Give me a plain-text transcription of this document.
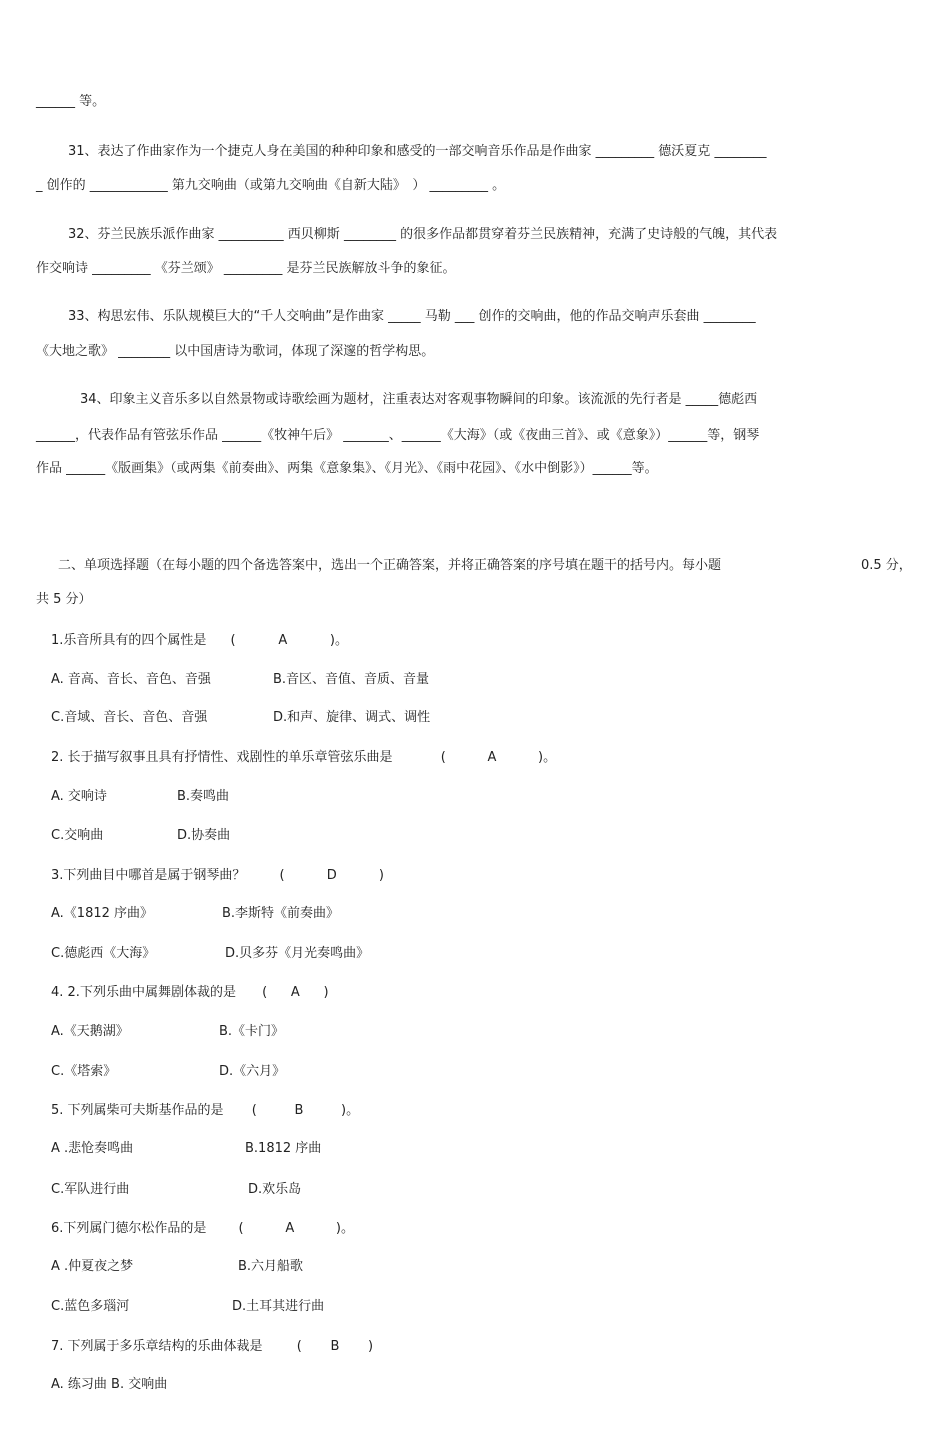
______ 等。
31、表达了作曲家作为一个捷克人身在美国的种种印象和感受的一部交响音乐作品是作曲家 _________ 德沃夏克 ________
_ 创作的 ____________ 第九交响曲（或第九交响曲《自新大陆》　） _________ 。
32、芬兰民族乐派作曲家 __________ 西贝柳斯 ________ 的很多作品都贯穿着芬兰民族精神，充满了史诗般的气魄，其代表
作交响诗 _________ 《芬兰颂》 _________ 是芬兰民族解放斗争的象征。
33、构思宏伟、乐队规模巨大的“千人交响曲”是作曲家 _____ 马勒 ___ 创作的交响曲，他的作品交响声乐套曲 ________
《大地之歌》 ________ 以中国唐诗为歌词，体现了深邃的哲学构思。
34、印象主义音乐多以自然景物或诗歌绘画为题材，注重表达对客观事物瞬间的印象。该流派的先行者是 _____德彪西
______，代表作品有管弦乐作品 ______《牧神午后》 _______、______《大海》（或《夜曲三首》、或《意象》）______等，钢琴
作品 ______《版画集》（或两集《前奏曲》、两集《意象集》、《月光》、《雨中花园》、《水中倒影》）______等。
二、单项选择题（在每小题的四个备选答案中，选出一个正确答案，并将正确答案的序号填在题干的括号内。每小题	0.5 分，
共 5 分）
1.乐音所具有的四个属性是 (	A	)。
A. 音高、音长、音色、音强	B.音区、音值、音质、音量
C.音域、音长、音色、音强	D.和声、旋律、调式、调性
2. 长于描写叙事且具有抒情性、戏剧性的单乐章管弦乐曲是	(	A	)。
A. 交响诗	B.奏鸣曲
C.交响曲	D.协奏曲
3.下列曲目中哪首是属于钢琴曲？	(	D	)
A.《1812 序曲》	B.李斯特《前奏曲》
C.德彪西《大海》	D.贝多芬《月光奏鸣曲》
4. 2.下列乐曲中属舞剧体裁的是 ( A )
A.《天鹅湖》	B.《卡门》
C.《塔索》	D.《六月》
5. 下列属柴可夫斯基作品的是 (	B	)。
A .悲怆奏鸣曲	B.1812 序曲
C.军队进行曲	D.欢乐岛
6.下列属门德尔松作品的是 (	A	)。
A .仲夏夜之梦	B.六月船歌
C.蓝色多瑙河	D.土耳其进行曲
7. 下列属于多乐章结构的乐曲体裁是	( B )
A. 练习曲 B. 交响曲
